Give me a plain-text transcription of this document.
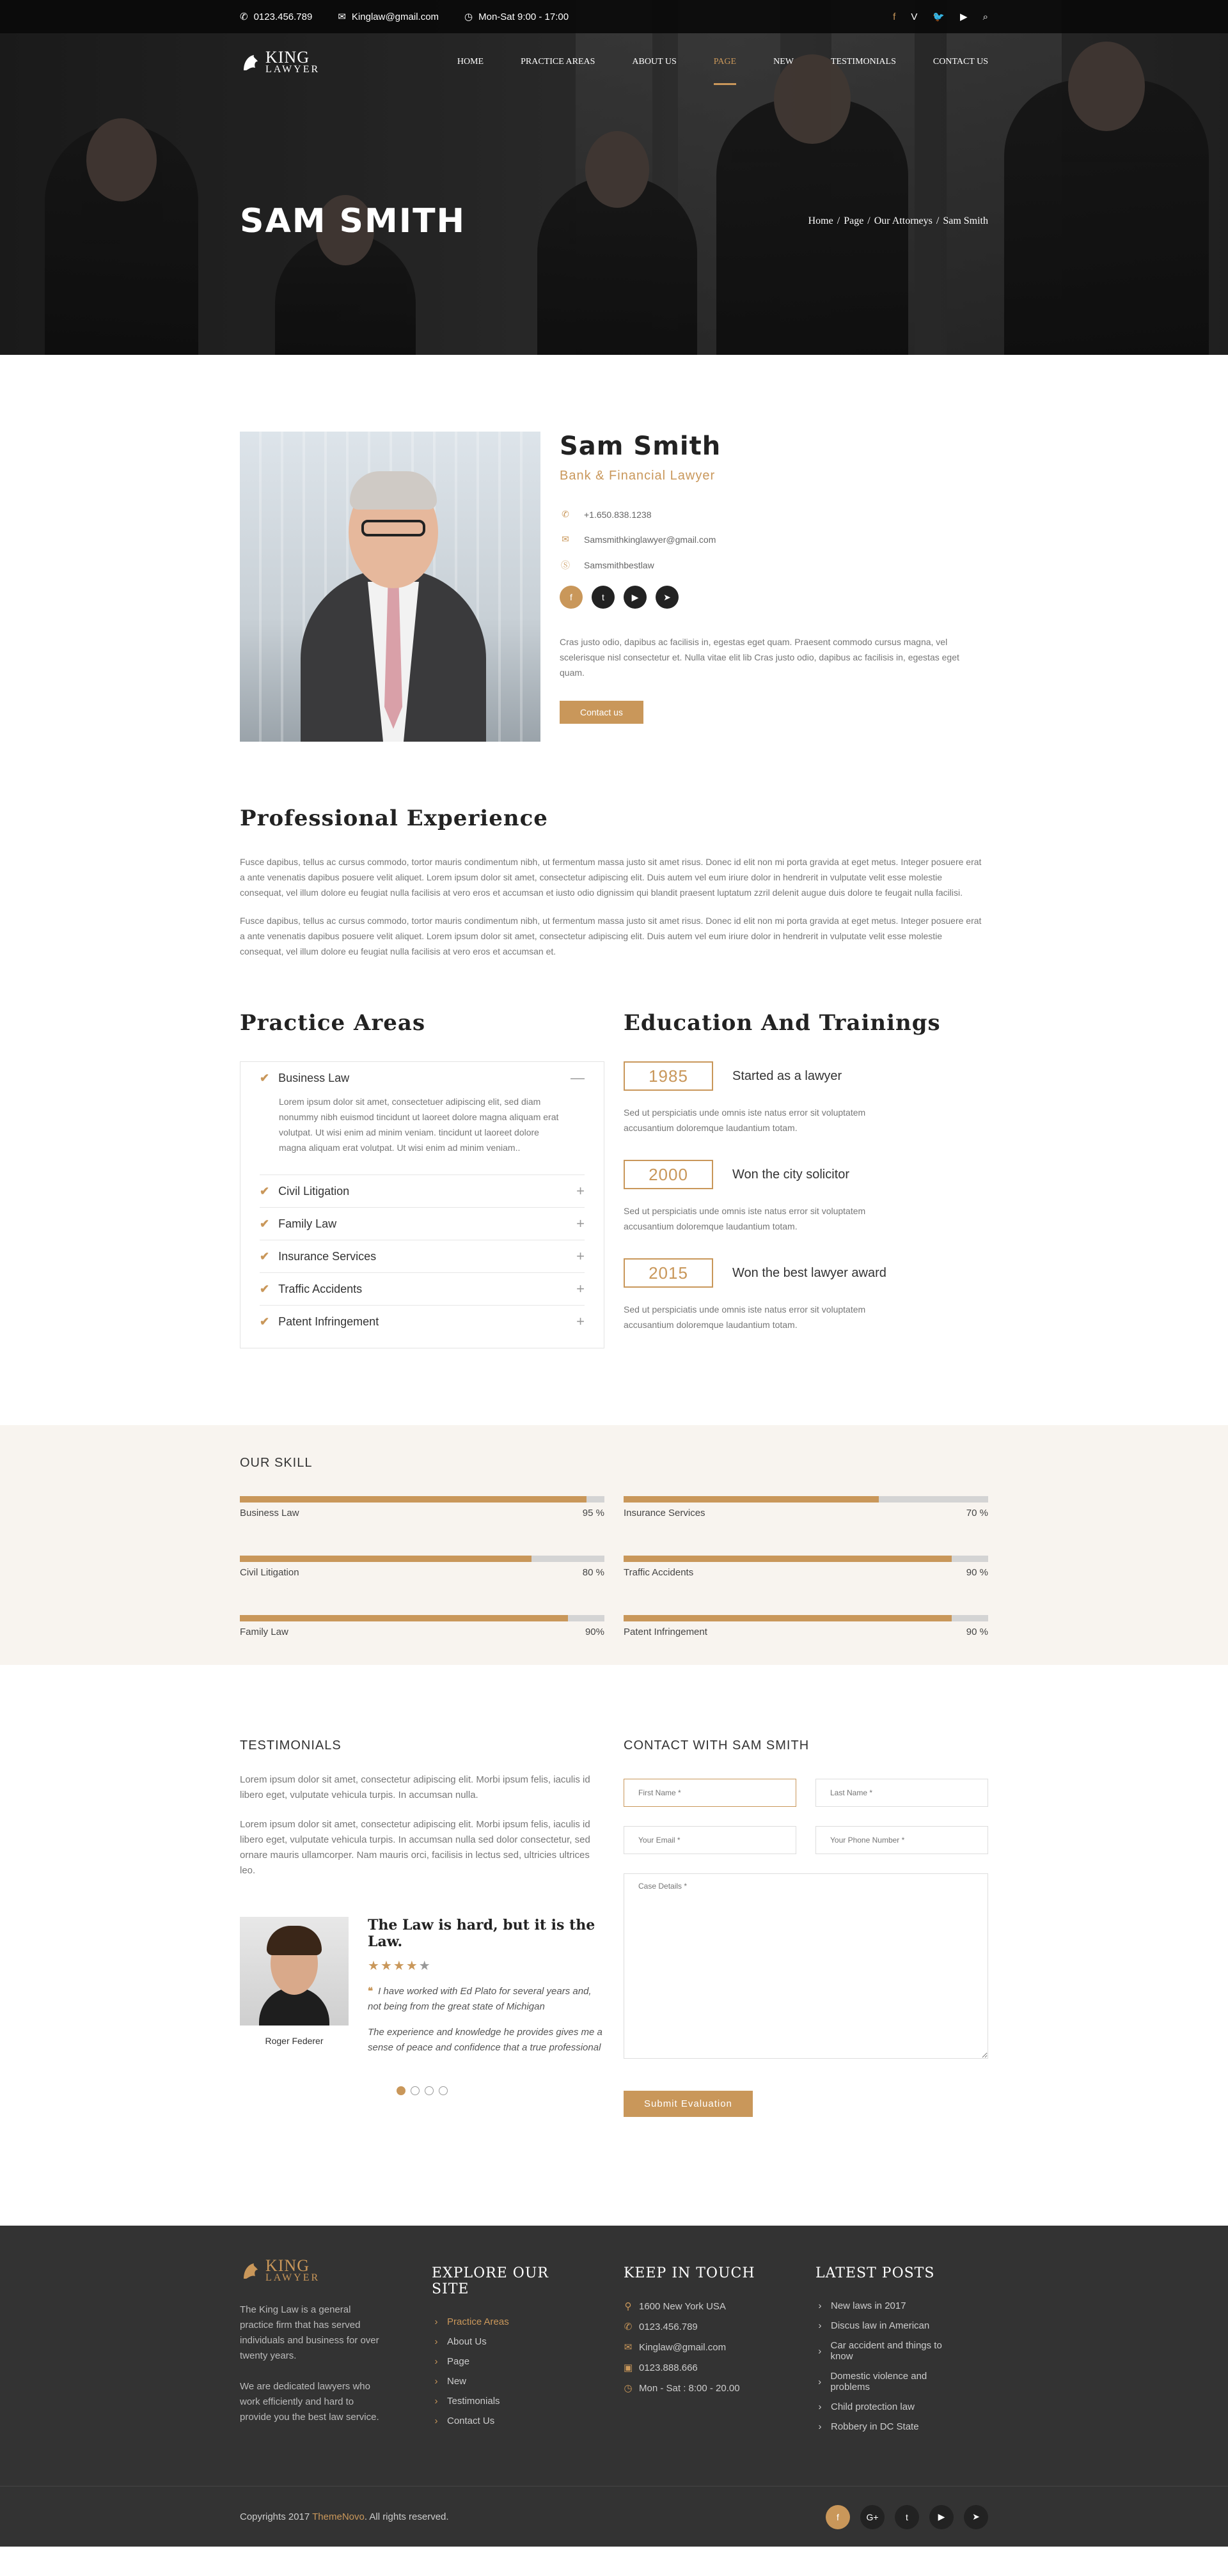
✆ 0123.456.789	✉ Kinglaw@gmail.com	◷ Mon-Sat 9:00 - 17:00	f V 🐦 ▶ ⌕
KING
LAWYER
HOME	PRACTICE AREAS	ABOUT US	PAGE	NEW	TESTIMONIALS	CONTACT US
SAM SMITH	Home / Page / Our Attorneys / Sam Smith
Sam Smith
Bank & Financial Lawyer
✆ +1.650.838.1238
✉ Samsmithkinglawyer@gmail.com
Ⓢ Samsmithbestlaw
f	t	▶	➤

Cras justo odio, dapibus ac facilisis in, egestas eget quam. Praesent commodo cursus magna, vel scelerisque nisl consectetur et. Nulla vitae elit lib Cras justo odio, dapibus ac facilisis in, egestas eget quam.

Contact us
Professional Experience

Fusce dapibus, tellus ac cursus commodo, tortor mauris condimentum nibh, ut fermentum massa justo sit amet risus. Donec id elit non mi porta gravida at eget metus. Integer posuere erat a ante venenatis dapibus posuere velit aliquet. Lorem ipsum dolor sit amet, consectetur adipiscing elit. Duis autem vel eum iriure dolor in hendrerit in vulputate velit esse molestie consequat, vel illum dolore eu feugiat nulla facilisis at vero eros et accumsan et iusto odio dignissim qui blandit praesent luptatum zzril delenit augue duis dolore te feugait nulla facilisi.

Fusce dapibus, tellus ac cursus commodo, tortor mauris condimentum nibh, ut fermentum massa justo sit amet risus. Donec id elit non mi porta gravida at eget metus. Integer posuere erat a ante venenatis dapibus posuere velit aliquet. Lorem ipsum dolor sit amet, consectetur adipiscing elit. Duis autem vel eum iriure dolor in hendrerit in vulputate velit esse molestie consequat, vel illum dolore eu feugiat nulla facilisis at vero eros et accumsan et.

Practice Areas
✔ Business Law	—
Lorem ipsum dolor sit amet, consectetuer adipiscing elit, sed diam nonummy nibh euismod tincidunt ut laoreet dolore magna aliquam erat volutpat. Ut wisi enim ad minim veniam. tincidunt ut laoreet dolore magna aliquam erat volutpat. Ut wisi enim ad minim veniam..
✔ Civil Litigation	+
✔ Family Law	+
✔ Insurance Services	+
✔ Traffic Accidents	+
✔ Patent Infringement	+
Education And Trainings
1985	Started as a lawyer

Sed ut perspiciatis unde omnis iste natus error sit voluptatem accusantium doloremque laudantium totam.

2000	Won the city solicitor

Sed ut perspiciatis unde omnis iste natus error sit voluptatem accusantium doloremque laudantium totam.

2015	Won the best lawyer award

Sed ut perspiciatis unde omnis iste natus error sit voluptatem accusantium doloremque laudantium totam.

OUR SKILL
Business Law	95 % Insurance Services	70 %
Civil Litigation	80 % Traffic Accidents	90 %
Family Law	90% Patent Infringement	90 %
TESTIMONIALS

Lorem ipsum dolor sit amet, consectetur adipiscing elit. Morbi ipsum felis, iaculis id libero eget, vulputate vehicula turpis. In accumsan nulla.

Lorem ipsum dolor sit amet, consectetur adipiscing elit. Morbi ipsum felis, iaculis id libero eget, vulputate vehicula turpis. In accumsan nulla sed dolor consectetur, sed ornare mauris ullamcorper. Nam mauris orci, facilisis in lectus sed, ultricies ultrices leo.

Roger Federer
The Law is hard, but it is the Law.
★★★★★

❝ I have worked with Ed Plato for several years and, not being from the great state of Michigan

The experience and knowledge he provides gives me a sense of peace and confidence that a true professional

CONTACT WITH SAM SMITH
First Name *
Last Name *
Your Email *
Your Phone Number *
Case Details *
Submit Evaluation
KING
LAWYER

The King Law is a general practice firm that has served individuals and business for over twenty years.

We are dedicated lawyers who work efficiently and hard to provide you the best law service.

EXPLORE OUR SITE
› Practice Areas
› About Us
› Page
› New
› Testimonials
› Contact Us
KEEP IN TOUCH
⚲ 1600 New York USA
✆ 0123.456.789
✉ Kinglaw@gmail.com
▣ 0123.888.666
◷ Mon - Sat : 8:00 - 20.00
LATEST POSTS
› New laws in 2017
› Discus law in American
› Car accident and things to know
› Domestic violence and problems
› Child protection law
› Robbery in DC State
Copyrights 2017 ThemeNovo. All rights reserved.	f	G+	t	▶	➤
